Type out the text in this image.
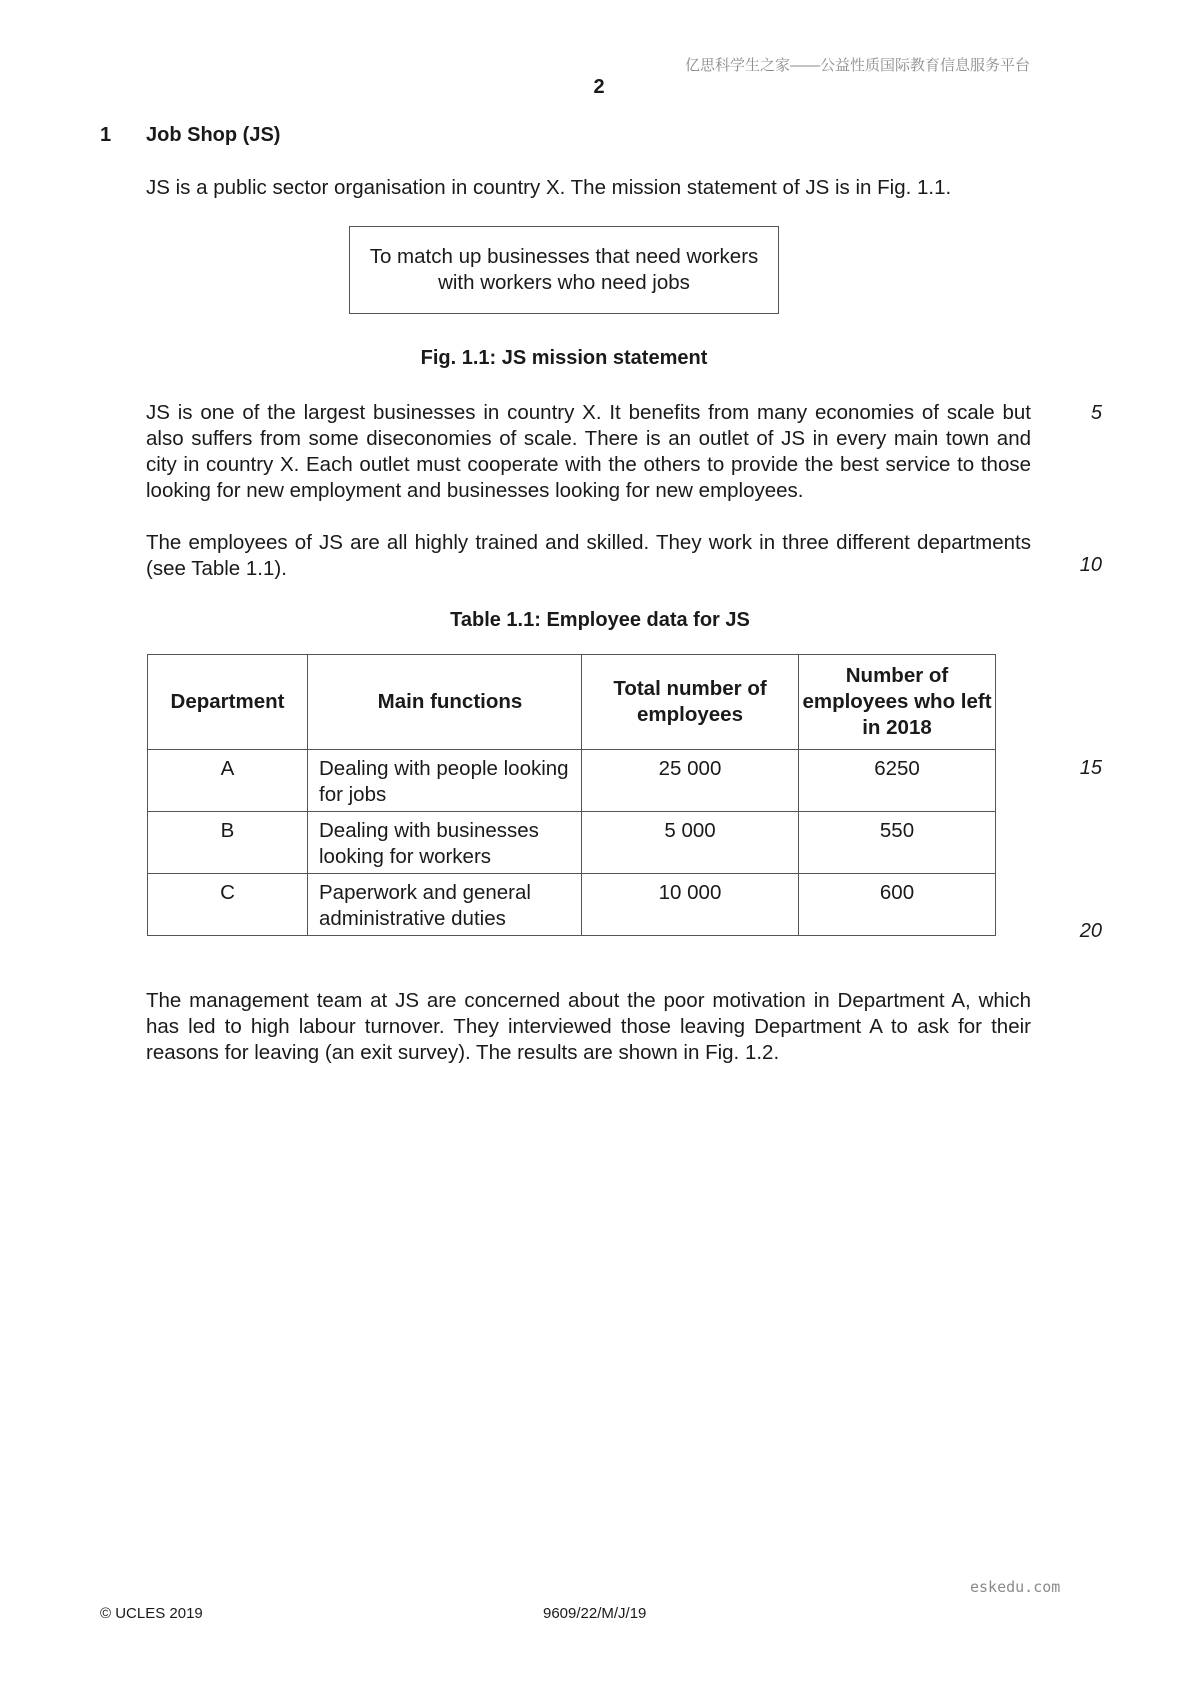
亿思科学生之家——公益性质国际教育信息服务平台
2
1 Job Shop (JS)
JS is a public sector organisation in country X. The mission statement of JS is in Fig. 1.1.
To match up businesses that need workers with workers who need jobs
Fig. 1.1: JS mission statement
JS is one of the largest businesses in country X. It benefits from many economies of scale but also suffers from some diseconomies of scale. There is an outlet of JS in every main town and city in country X. Each outlet must cooperate with the others to provide the best service to those looking for new employment and businesses looking for new employees.
The employees of JS are all highly trained and skilled. They work in three different departments (see Table 1.1).
5
10
15
20
Table 1.1: Employee data for JS
Department	Main functions	Total number of employees	Number of employees who left in 2018
A	Dealing with people looking for jobs	25 000	6250
B	Dealing with businesses looking for workers	5 000	550
C	Paperwork and general administrative duties	10 000	600
The management team at JS are concerned about the poor motivation in Department A, which has led to high labour turnover. They interviewed those leaving Department A to ask for their reasons for leaving (an exit survey). The results are shown in Fig. 1.2.
eskedu.com
© UCLES 2019	9609/22/M/J/19
